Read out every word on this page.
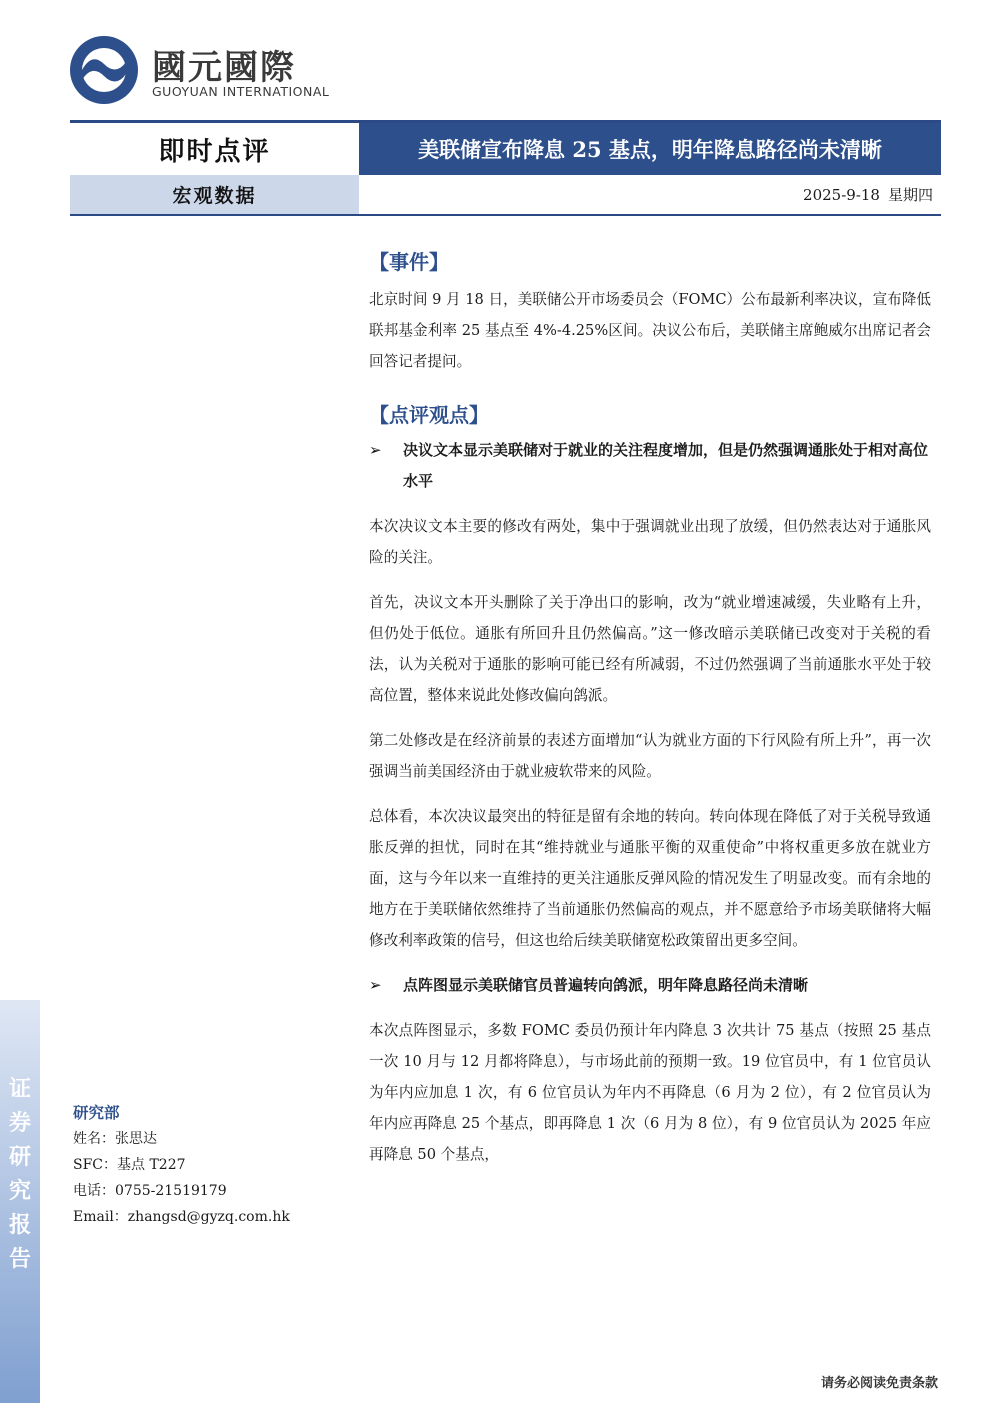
國元國際
GUOYUAN INTERNATIONAL
即时点评	美联储宣布降息 25 基点，明年降息路径尚未清晰
宏观数据	2025-9-18 星期四
证券研究报告
研究部
姓名：张思达
SFC：基点 T227
电话：0755-21519179
Email：zhangsd@gyzq.com.hk
【事件】

北京时间 9 月 18 日，美联储公开市场委员会（FOMC）公布最新利率决议，宣布降低联邦基金利率 25 基点至 4%-4.25%区间。决议公布后，美联储主席鲍威尔出席记者会回答记者提问。

【点评观点】

➢ 决议文本显示美联储对于就业的关注程度增加，但是仍然强调通胀处于相对高位水平

本次决议文本主要的修改有两处，集中于强调就业出现了放缓，但仍然表达对于通胀风险的关注。

首先，决议文本开头删除了关于净出口的影响，改为“就业增速减缓，失业略有上升，但仍处于低位。通胀有所回升且仍然偏高。”这一修改暗示美联储已改变对于关税的看法，认为关税对于通胀的影响可能已经有所减弱，不过仍然强调了当前通胀水平处于较高位置，整体来说此处修改偏向鸽派。

第二处修改是在经济前景的表述方面增加“认为就业方面的下行风险有所上升”，再一次强调当前美国经济由于就业疲软带来的风险。

总体看，本次决议最突出的特征是留有余地的转向。转向体现在降低了对于关税导致通胀反弹的担忧，同时在其“维持就业与通胀平衡的双重使命”中将权重更多放在就业方面，这与今年以来一直维持的更关注通胀反弹风险的情况发生了明显改变。而有余地的地方在于美联储依然维持了当前通胀仍然偏高的观点，并不愿意给予市场美联储将大幅修改利率政策的信号，但这也给后续美联储宽松政策留出更多空间。

➢ 点阵图显示美联储官员普遍转向鸽派，明年降息路径尚未清晰

本次点阵图显示，多数 FOMC 委员仍预计年内降息 3 次共计 75 基点（按照 25 基点一次 10 月与 12 月都将降息），与市场此前的预期一致。19 位官员中，有 1 位官员认为年内应加息 1 次，有 6 位官员认为年内不再降息（6 月为 2 位），有 2 位官员认为年内应再降息 25 个基点，即再降息 1 次（6 月为 8 位），有 9 位官员认为 2025 年应再降息 50 个基点，

请务必阅读免责条款
